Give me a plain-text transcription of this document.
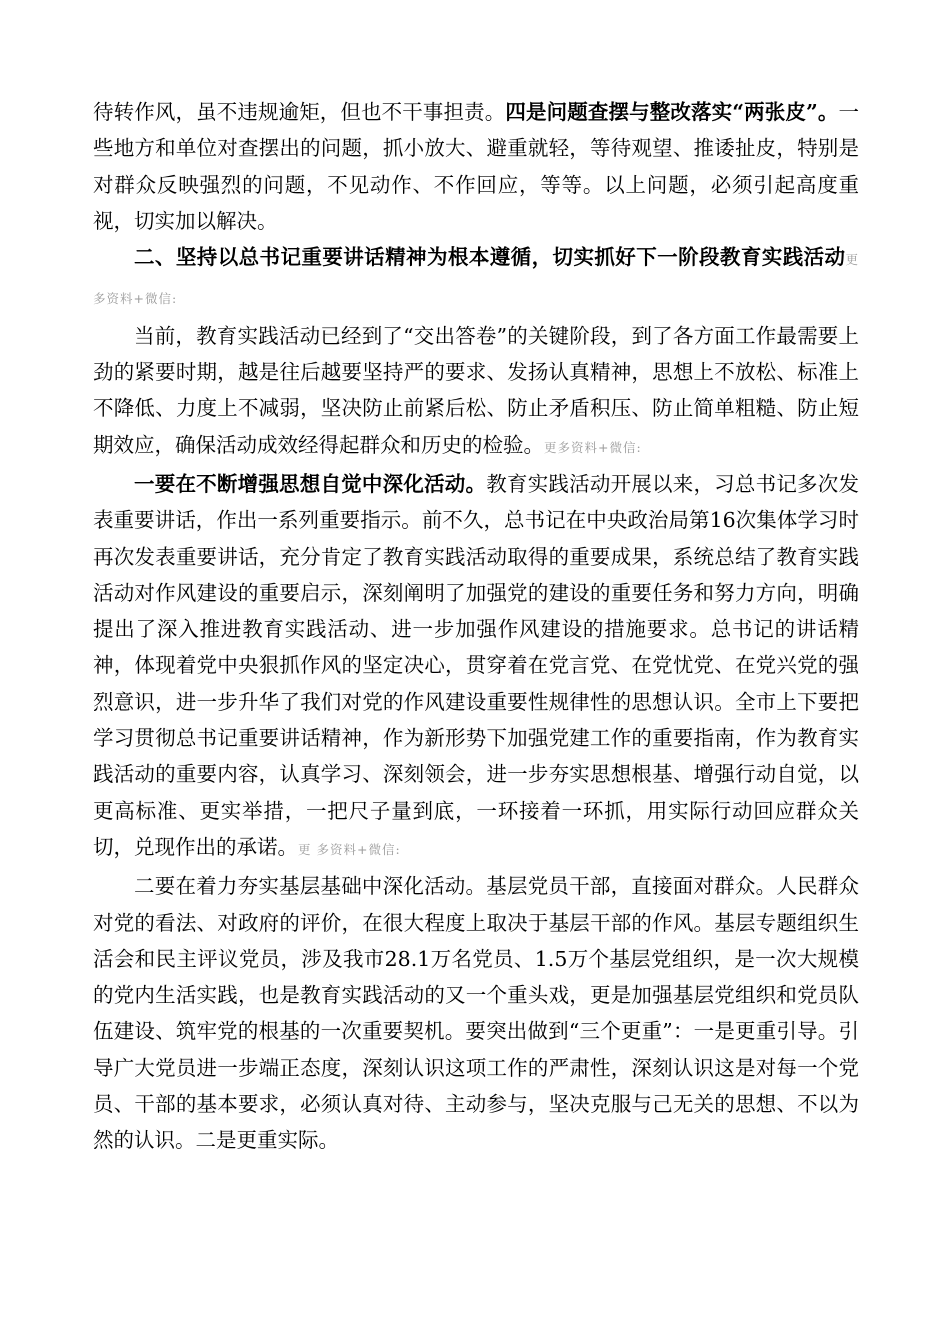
待转作风，虽不违规逾矩，但也不干事担责。四是问题查摆与整改落实“两张皮”。一些地方和单位对查摆出的问题，抓小放大、避重就轻，等待观望、推诿扯皮，特别是对群众反映强烈的问题，不见动作、不作回应，等等。以上问题，必须引起高度重视，切实加以解决。

二、坚持以总书记重要讲话精神为根本遵循，切实抓好下一阶段教育实践活动更 多资料+微信:

当前，教育实践活动已经到了“交出答卷”的关键阶段，到了各方面工作最需要上劲的紧要时期，越是往后越要坚持严的要求、发扬认真精神，思想上不放松、标准上不降低、力度上不减弱，坚决防止前紧后松、防止矛盾积压、防止简单粗糙、防止短期效应，确保活动成效经得起群众和历史的检验。更多资料+微信:

一要在不断增强思想自觉中深化活动。教育实践活动开展以来，习总书记多次发表重要讲话，作出一系列重要指示。前不久，总书记在中央政治局第16次集体学习时再次发表重要讲话，充分肯定了教育实践活动取得的重要成果，系统总结了教育实践活动对作风建设的重要启示，深刻阐明了加强党的建设的重要任务和努力方向，明确提出了深入推进教育实践活动、进一步加强作风建设的措施要求。总书记的讲话精神，体现着党中央狠抓作风的坚定决心，贯穿着在党言党、在党忧党、在党兴党的强烈意识，进一步升华了我们对党的作风建设重要性规律性的思想认识。全市上下要把学习贯彻总书记重要讲话精神，作为新形势下加强党建工作的重要指南，作为教育实践活动的重要内容，认真学习、深刻领会，进一步夯实思想根基、增强行动自觉，以更高标准、更实举措，一把尺子量到底，一环接着一环抓，用实际行动回应群众关切，兑现作出的承诺。更 多资料+微信:

二要在着力夯实基层基础中深化活动。基层党员干部，直接面对群众。人民群众对党的看法、对政府的评价，在很大程度上取决于基层干部的作风。基层专题组织生活会和民主评议党员，涉及我市28.1万名党员、1.5万个基层党组织，是一次大规模的党内生活实践，也是教育实践活动的又一个重头戏，更是加强基层党组织和党员队伍建设、筑牢党的根基的一次重要契机。要突出做到“三个更重”：一是更重引导。引导广大党员进一步端正态度，深刻认识这项工作的严肃性，深刻认识这是对每一个党员、干部的基本要求，必须认真对待、主动参与，坚决克服与己无关的思想、不以为然的认识。二是更重实际。
